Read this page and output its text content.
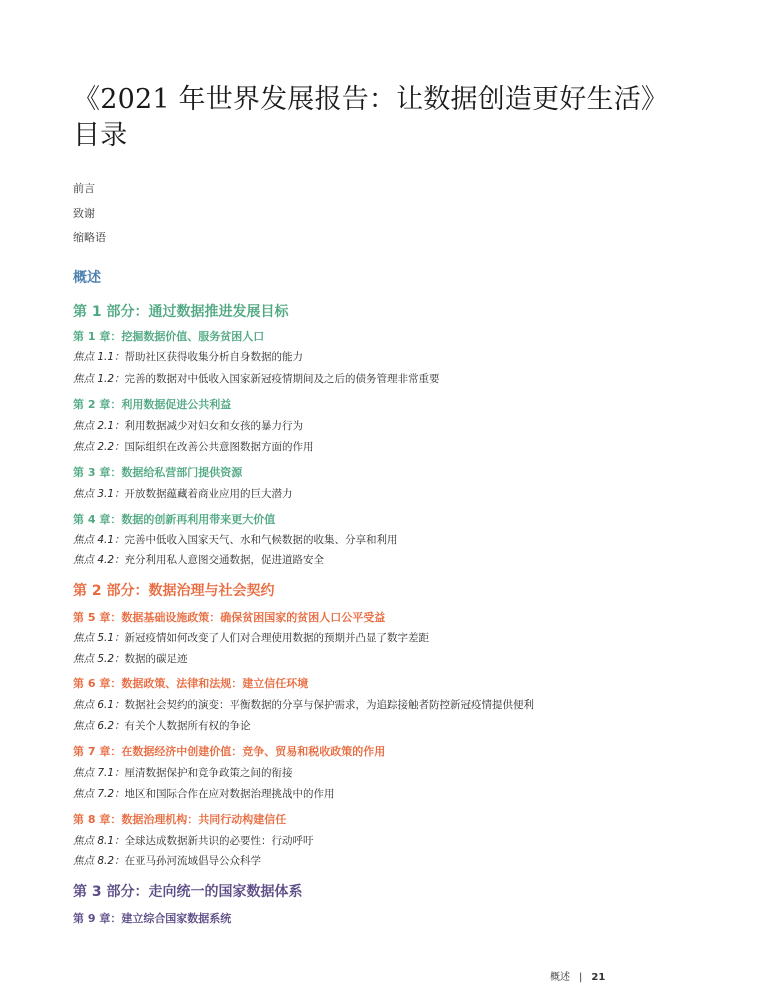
《2021 年世界发展报告：让数据创造更好生活》
目录
前言
致谢
缩略语
概述
第 1 部分：通过数据推进发展目标
第 1 章：挖掘数据价值、服务贫困人口
焦点 1.1：帮助社区获得收集分析自身数据的能力
焦点 1.2：完善的数据对中低收入国家新冠疫情期间及之后的债务管理非常重要
第 2 章：利用数据促进公共利益
焦点 2.1：利用数据减少对妇女和女孩的暴力行为
焦点 2.2：国际组织在改善公共意图数据方面的作用
第 3 章：数据给私营部门提供资源
焦点 3.1：开放数据蕴藏着商业应用的巨大潜力
第 4 章：数据的创新再利用带来更大价值
焦点 4.1：完善中低收入国家天气、水和气候数据的收集、分享和利用
焦点 4.2：充分利用私人意图交通数据，促进道路安全
第 2 部分：数据治理与社会契约
第 5 章：数据基础设施政策：确保贫困国家的贫困人口公平受益
焦点 5.1：新冠疫情如何改变了人们对合理使用数据的预期并凸显了数字差距
焦点 5.2：数据的碳足迹
第 6 章：数据政策、法律和法规：建立信任环境
焦点 6.1：数据社会契约的演变：平衡数据的分享与保护需求，为追踪接触者防控新冠疫情提供便利
焦点 6.2：有关个人数据所有权的争论
第 7 章：在数据经济中创建价值：竞争、贸易和税收政策的作用
焦点 7.1：厘清数据保护和竞争政策之间的衔接
焦点 7.2：地区和国际合作在应对数据治理挑战中的作用
第 8 章：数据治理机构：共同行动构建信任
焦点 8.1：全球达成数据新共识的必要性：行动呼吁
焦点 8.2：在亚马孙河流域倡导公众科学
第 3 部分：走向统一的国家数据体系
第 9 章：建立综合国家数据系统
概述 | 21
